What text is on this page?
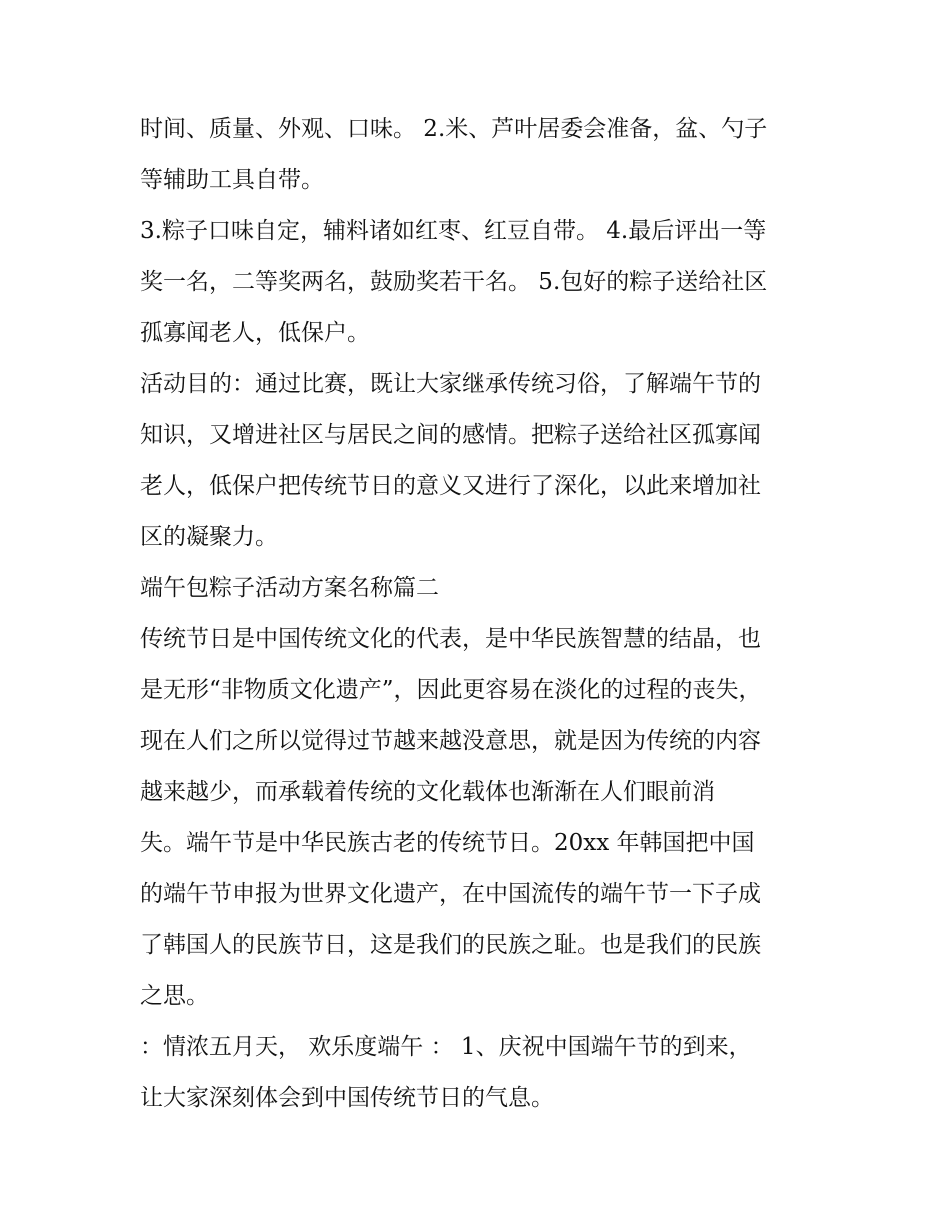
时间、质量、外观、口味。 2.米、芦叶居委会准备，盆、勺子
等辅助工具自带。
3.粽子口味自定，辅料诸如红枣、红豆自带。 4.最后评出一等
奖一名，二等奖两名，鼓励奖若干名。 5.包好的粽子送给社区
孤寡闻老人，低保户。
活动目的：通过比赛，既让大家继承传统习俗，了解端午节的
知识，又增进社区与居民之间的感情。把粽子送给社区孤寡闻
老人，低保户把传统节日的意义又进行了深化，以此来增加社
区的凝聚力。
端午包粽子活动方案名称篇二
传统节日是中国传统文化的代表，是中华民族智慧的结晶，也
是无形“非物质文化遗产”，因此更容易在淡化的过程的丧失，
现在人们之所以觉得过节越来越没意思，就是因为传统的内容
越来越少，而承载着传统的文化载体也渐渐在人们眼前消
失。端午节是中华民族古老的传统节日。20xx 年韩国把中国
的端午节申报为世界文化遗产，在中国流传的端午节一下子成
了韩国人的民族节日，这是我们的民族之耻。也是我们的民族
之思。
：情浓五月天， 欢乐度端午 ： 1、庆祝中国端午节的到来，
让大家深刻体会到中国传统节日的气息。
